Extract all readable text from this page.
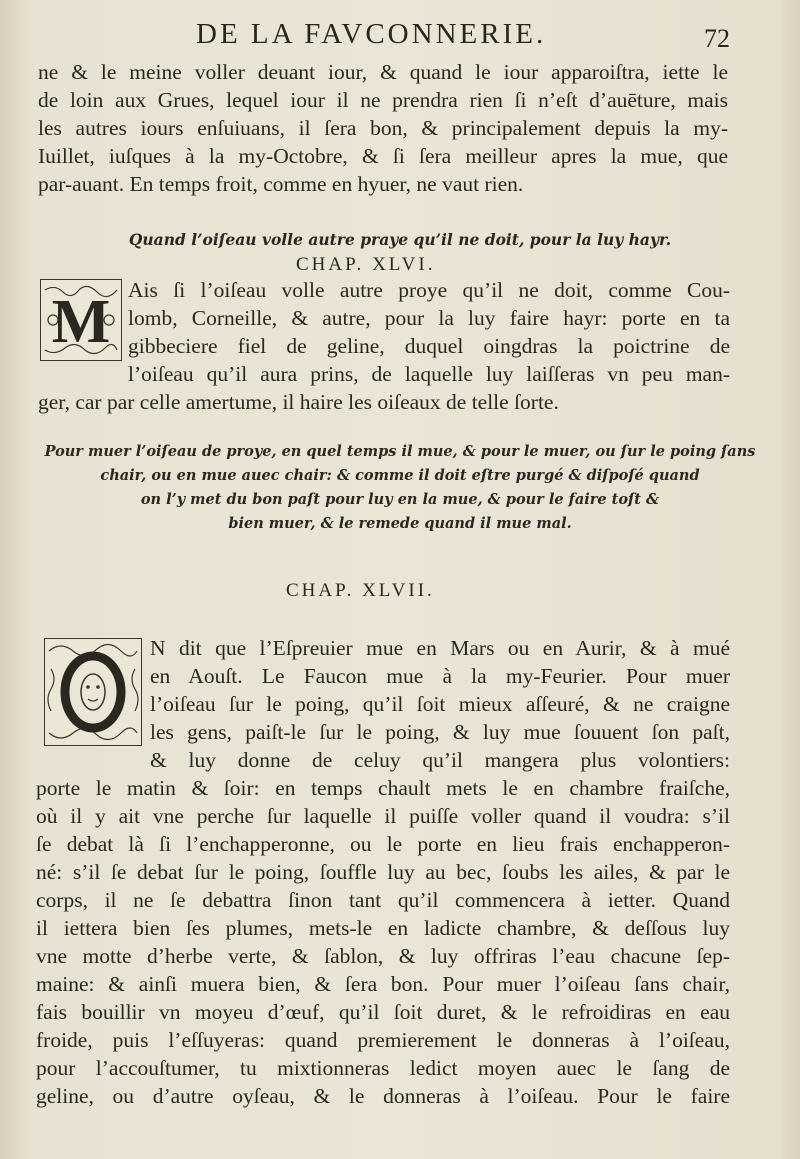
DE LA FAVCONNERIE.	72
ne & le meine voller deuant iour, & quand le iour apparoiſtra, iette le
de loin aux Grues, lequel iour il ne prendra rien ſi n’eſt d’auēture, mais
les autres iours enſuiuans, il ſera bon, & principalement depuis la my-
Iuillet, iuſques à la my-Octobre, & ſi ſera meilleur apres la mue, que
par-auant. En temps froit, comme en hyuer, ne vaut rien.
Quand l’oiſeau volle autre praye qu’il ne doit, pour la luy hayr.
CHAP. XLVI.
M Ais ſi l’oiſeau volle autre proye qu’il ne doit, comme Cou-
lomb, Corneille, & autre, pour la luy faire hayr: porte en ta
gibbeciere fiel de geline, duquel oingdras la poictrine de
l’oiſeau qu’il aura prins, de laquelle luy laiſſeras vn peu man-
ger, car par celle amertume, il haire les oiſeaux de telle ſorte.
Pour muer l’oiſeau de proye, en quel temps il mue, & pour le muer, ou ſur le poing ſans
chair, ou en mue auec chair: & comme il doit eſtre purgé & diſpoſé quand
on l’y met du bon paſt pour luy en la mue, & pour le faire toſt &
bien muer, & le remede quand il mue mal.
CHAP. XLVII.
O	N dit que l’Eſpreuier mue en Mars ou en Aurir, & à mué
en Aouſt. Le Faucon mue à la my-Feurier. Pour muer
l’oiſeau ſur le poing, qu’il ſoit mieux aſſeuré, & ne craigne
les gens, paiſt-le ſur le poing, & luy mue ſouuent ſon paſt,
& luy donne de celuy qu’il mangera plus volontiers:
porte le matin & ſoir: en temps chault mets le en chambre fraiſche,
où il y ait vne perche ſur laquelle il puiſſe voller quand il voudra: s’il
ſe debat là ſi l’enchapperonne, ou le porte en lieu frais enchapperon-
né: s’il ſe debat ſur le poing, ſouffle luy au bec, ſoubs les ailes, & par le
corps, il ne ſe debattra ſinon tant qu’il commencera à ietter. Quand
il iettera bien ſes plumes, mets-le en ladicte chambre, & deſſous luy
vne motte d’herbe verte, & ſablon, & luy offriras l’eau chacune ſep-
maine: & ainſi muera bien, & ſera bon. Pour muer l’oiſeau ſans chair,
fais bouillir vn moyeu d’œuf, qu’il ſoit duret, & le refroidiras en eau
froide, puis l’eſſuyeras: quand premierement le donneras à l’oiſeau,
pour l’accouſtumer, tu mixtionneras ledict moyen auec le ſang de
geline, ou d’autre oyſeau, & le donneras à l’oiſeau. Pour le faire
